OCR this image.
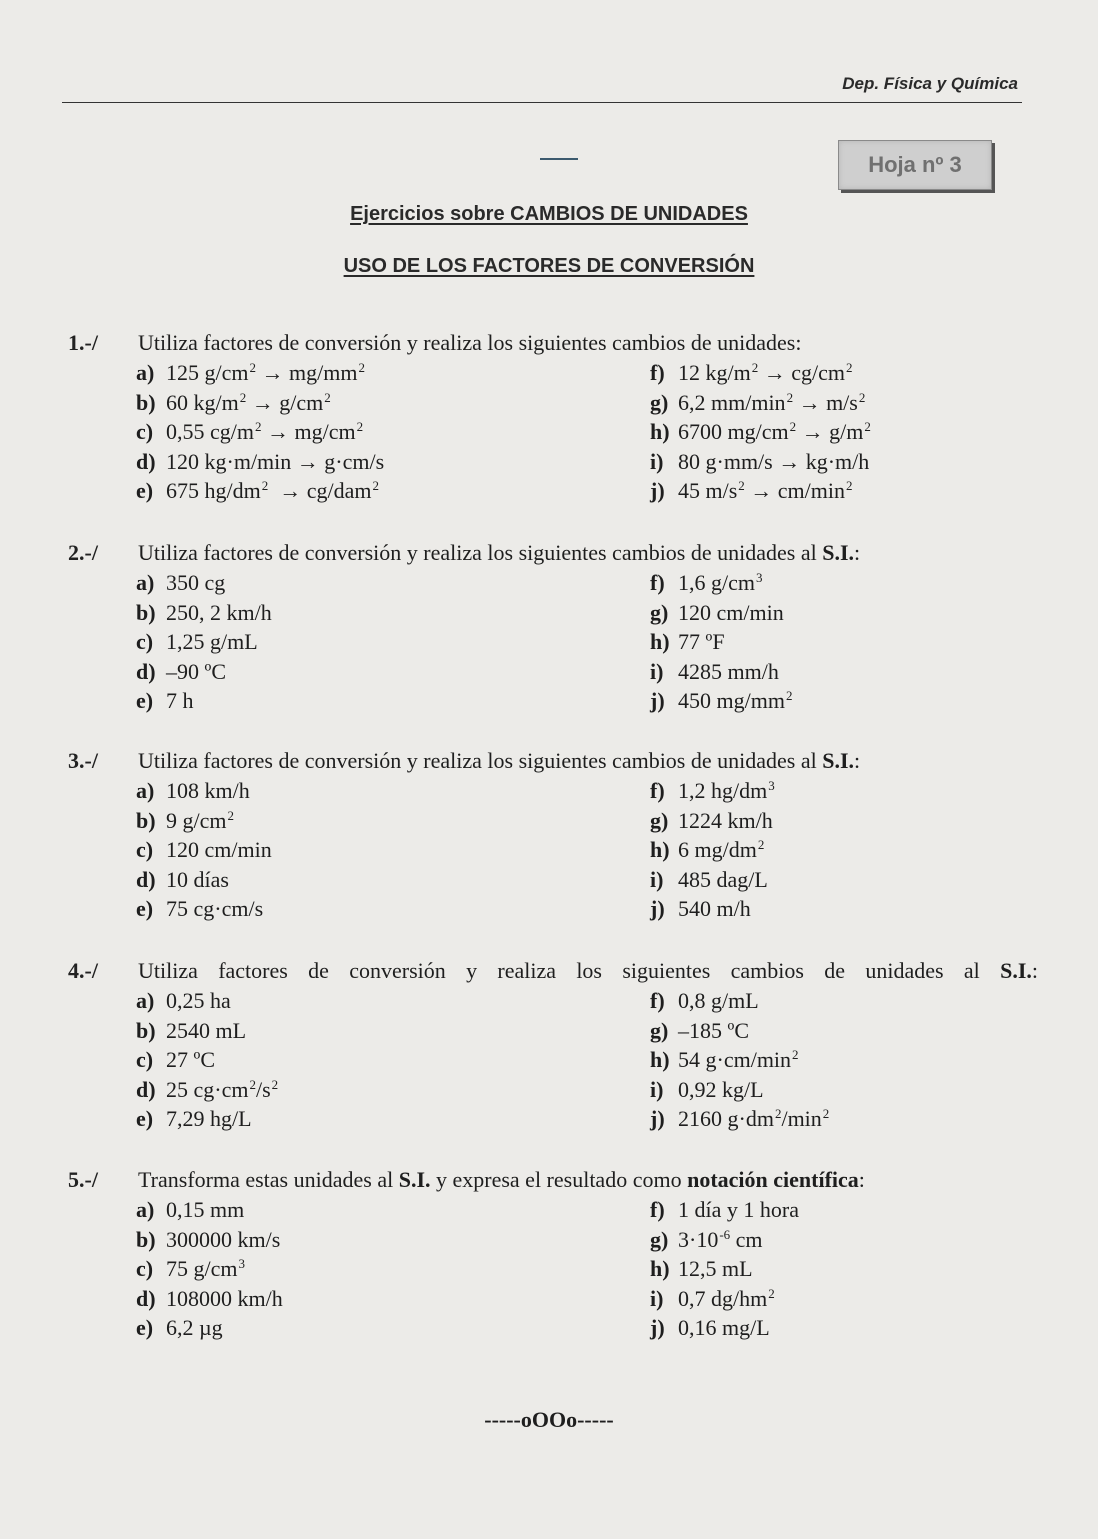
Dep. Física y Química
Hoja nº 3
Ejercicios sobre CAMBIOS DE UNIDADES
USO DE LOS FACTORES DE CONVERSIÓN
1.-/	Utiliza factores de conversión y realiza los siguientes cambios de unidades:
a) 125 $g/cm^2 \to mg/mm^2$
b) 60 $kg/m^2 \to g/cm^2$
c) 0,55 $cg/m^2 \to mg/cm^2$
d) 120 kg·m/min → g·cm/s
e) 675 $hg/dm^2 \to cg/dam^2$
f) 12 $kg/m^2 \to cg/cm^2$
g) 6,2 $mm/\min^2 \to m/s^2$
h) 6700 $mg/cm^2 \to g/m^2$
i) 80 g·mm/s → kg·m/h
j) 45 $m/s^2 \to cm/\min^2$
2.-/	Utiliza factores de conversión y realiza los siguientes cambios de unidades al S.I.:
a) 350 cg
b) 250, 2 km/h
c) 1,25 g/mL
d) –90 ºC
e) 7 h
f) 1,6 $g/cm^3$
g) 120 cm/min
h) 77 ºF
i) 4285 mm/h
j) 450 $mg/mm^2$
3.-/	Utiliza factores de conversión y realiza los siguientes cambios de unidades al S.I.:
a) 108 km/h
b) 9 $g/cm^2$
c) 120 cm/min
d) 10 días
e) 75 cg·cm/s
f) 1,2 $hg/dm^3$
g) 1224 km/h
h) 6 $mg/dm^2$
i) 485 dag/L
j) 540 m/h
4.-/	Utiliza factores de conversión y realiza los siguientes cambios de unidades al S.I.:
a) 0,25 ha
b) 2540 mL
c) 27 ºC
d) 25 $cg\cdot cm^2/s^2$
e) 7,29 hg/L
f) 0,8 g/mL
g) –185 ºC
h) 54 $g\cdot cm/\min^2$
i) 0,92 kg/L
j) 2160 $g\cdot dm^2/\min^2$
5.-/	Transforma estas unidades al S.I. y expresa el resultado como notación científica:
a) 0,15 mm
b) 300000 km/s
c) 75 $g/cm^3$
d) 108000 km/h
e) 6,2 µg
f) 1 día y 1 hora
g) $3\cdot 10^{-6}$ cm
h) 12,5 mL
i) 0,7 $dg/hm^2$
j) 0,16 mg/L
-----oOOo-----
